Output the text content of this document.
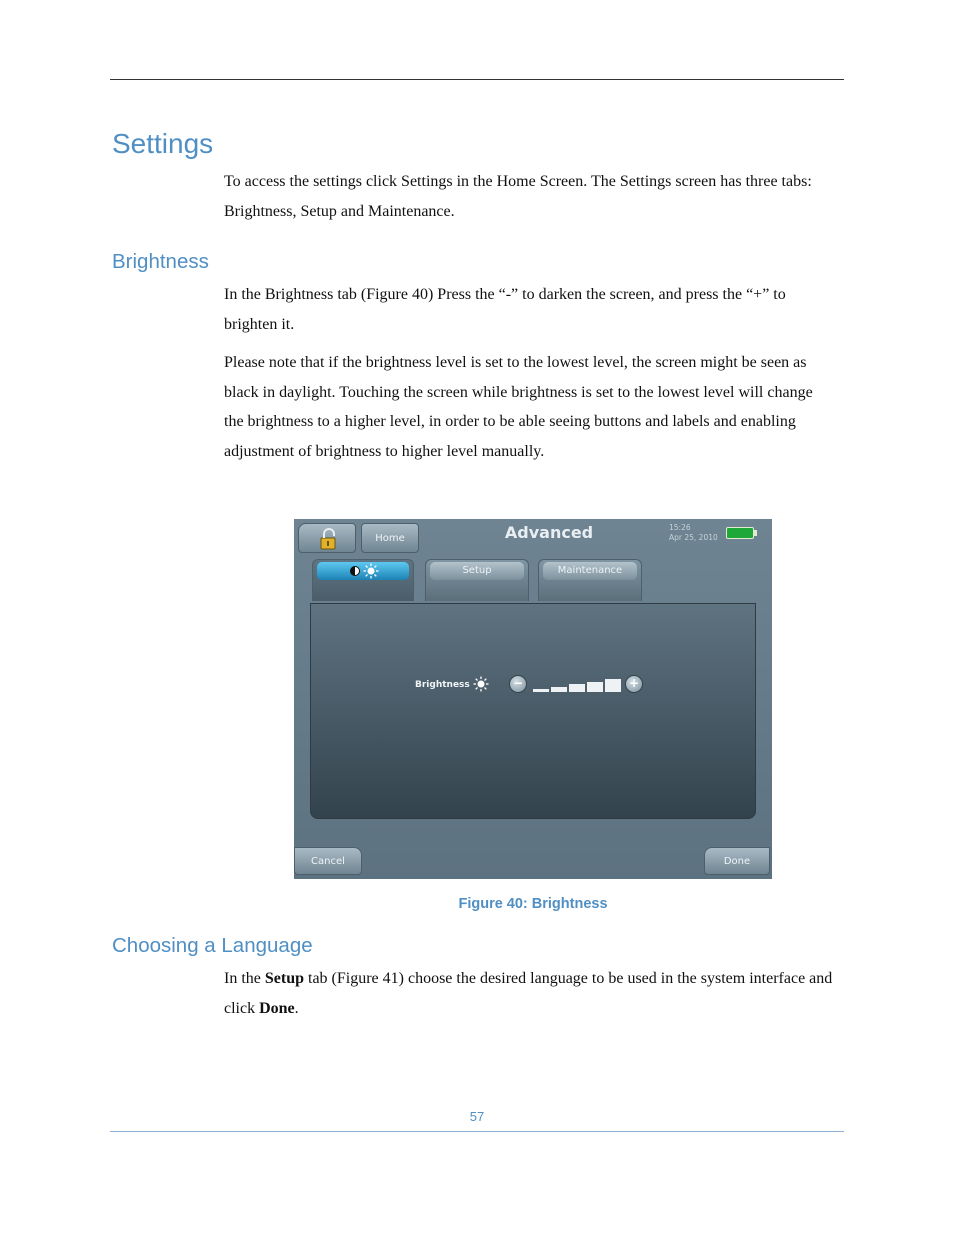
Settings

To access the settings click Settings in the Home Screen. The Settings screen has three tabs: Brightness, Setup and Maintenance.

Brightness

In the Brightness tab (Figure 40) Press the “-” to darken the screen, and press the “+” to brighten it.

Please note that if the brightness level is set to the lowest level, the screen might be seen as black in daylight. Touching the screen while brightness is set to the lowest level will change the brightness to a higher level, in order to be able seeing buttons and labels and enabling adjustment of brightness to higher level manually.

Home	Advanced	15:26
Apr 25, 2010
Setup	Maintenance
Brightness	−	+
Cancel	Done
Figure 40: Brightness
Choosing a Language

In the Setup tab (Figure 41) choose the desired language to be used in the system interface and click Done.

57
